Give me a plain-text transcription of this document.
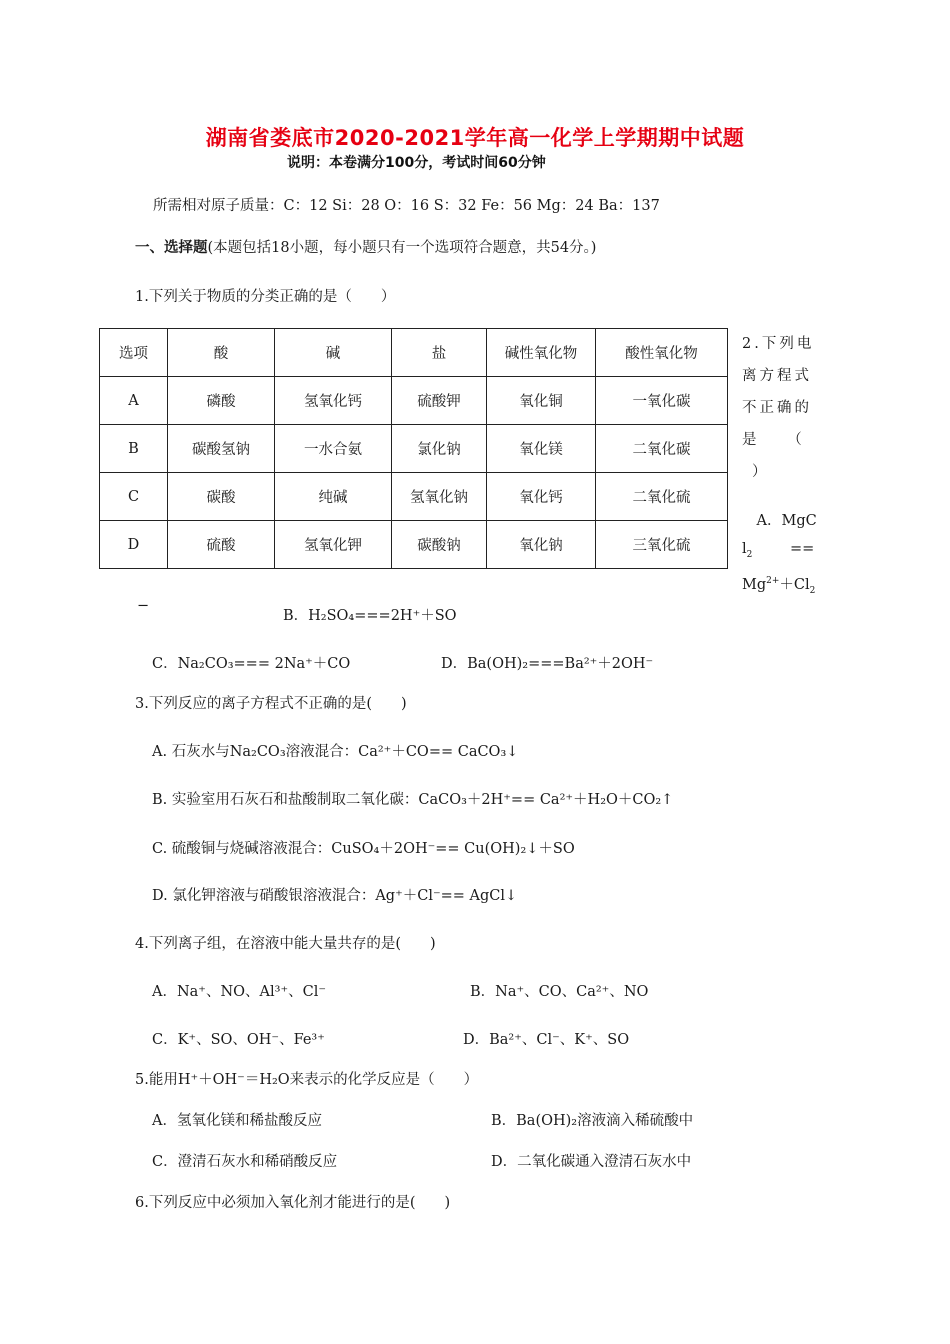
湖南省娄底市2020-2021学年高一化学上学期期中试题
说明：本卷满分100分，考试时间60分钟
所需相对原子质量：C：12 Si：28 O：16 S：32 Fe：56 Mg：24 Ba：137
一、选择题(本题包括18小题，每小题只有一个选项符合题意，共54分。)
1.下列关于物质的分类正确的是（　　）
选项	酸	碱	盐	碱性氧化物	酸性氧化物
A	磷酸	氢氧化钙	硫酸钾	氧化铜	一氧化碳
B	碳酸氢钠	一水合氨	氯化钠	氧化镁	二氧化碳
C	碳酸	纯碱	氢氧化钠	氧化钙	二氧化硫
D	硫酸	氢氧化钾	碳酸钠	氧化钠	三氧化硫
2.下列电
离方程式
不正确的
是　　（
）
　A．MgC
$l_2$	==
$Mg^{2+}+Cl_2$
−
B．H₂SO₄===2H⁺＋SO
C．Na₂CO₃=== 2Na⁺＋CO	D．Ba(OH)₂===Ba²⁺＋2OH⁻
3.下列反应的离子方程式不正确的是(　　)
A. 石灰水与Na₂CO₃溶液混合：Ca²⁺＋CO== CaCO₃↓
B. 实验室用石灰石和盐酸制取二氧化碳：CaCO₃＋2H⁺== Ca²⁺＋H₂O＋CO₂↑
C. 硫酸铜与烧碱溶液混合：CuSO₄＋2OH⁻== Cu(OH)₂↓＋SO
D. 氯化钾溶液与硝酸银溶液混合：Ag⁺＋Cl⁻== AgCl↓
4.下列离子组，在溶液中能大量共存的是(　　)
A．Na⁺、NO、Al³⁺、Cl⁻	B．Na⁺、CO、Ca²⁺、NO
C．K⁺、SO、OH⁻、Fe³⁺	D．Ba²⁺、Cl⁻、K⁺、SO
5.能用H⁺＋OH⁻＝H₂O来表示的化学反应是（　　）
A．氢氧化镁和稀盐酸反应	B．Ba(OH)₂溶液滴入稀硫酸中
C．澄清石灰水和稀硝酸反应	D．二氧化碳通入澄清石灰水中
6.下列反应中必须加入氧化剂才能进行的是(　　)
